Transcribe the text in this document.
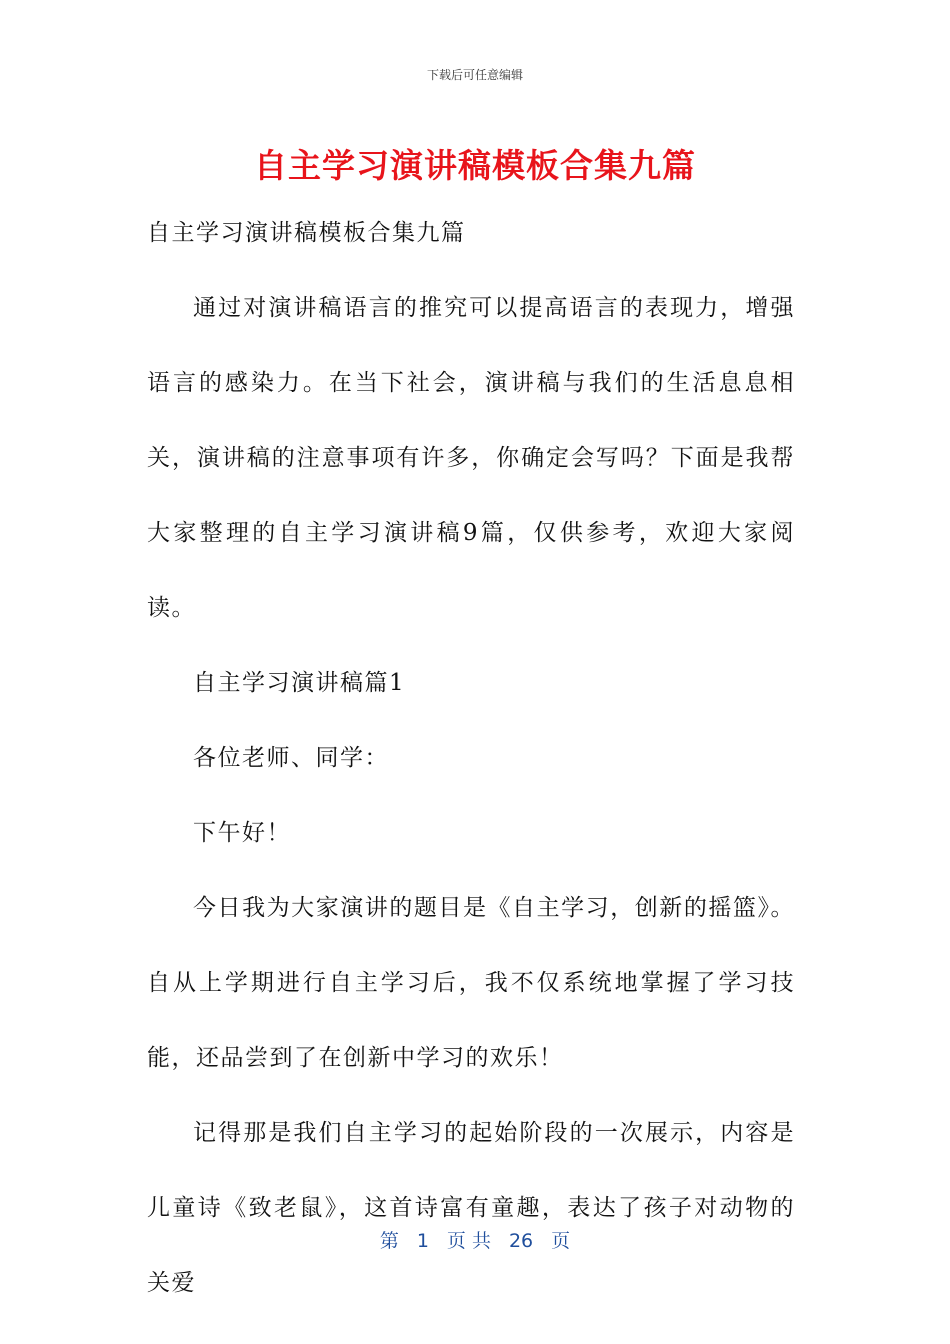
下载后可任意编辑
自主学习演讲稿模板合集九篇

自主学习演讲稿模板合集九篇

通过对演讲稿语言的推究可以提高语言的表现力，增强语言的感染力。在当下社会，演讲稿与我们的生活息息相关，演讲稿的注意事项有许多，你确定会写吗？下面是我帮大家整理的自主学习演讲稿9篇，仅供参考，欢迎大家阅读。

自主学习演讲稿篇1

各位老师、同学：

下午好！

今日我为大家演讲的题目是《自主学习，创新的摇篮》。自从上学期进行自主学习后，我不仅系统地掌握了学习技能，还品尝到了在创新中学习的欢乐！

记得那是我们自主学习的起始阶段的一次展示，内容是儿童诗《致老鼠》，这首诗富有童趣，表达了孩子对动物的关爱

第 1 页 共 26 页
